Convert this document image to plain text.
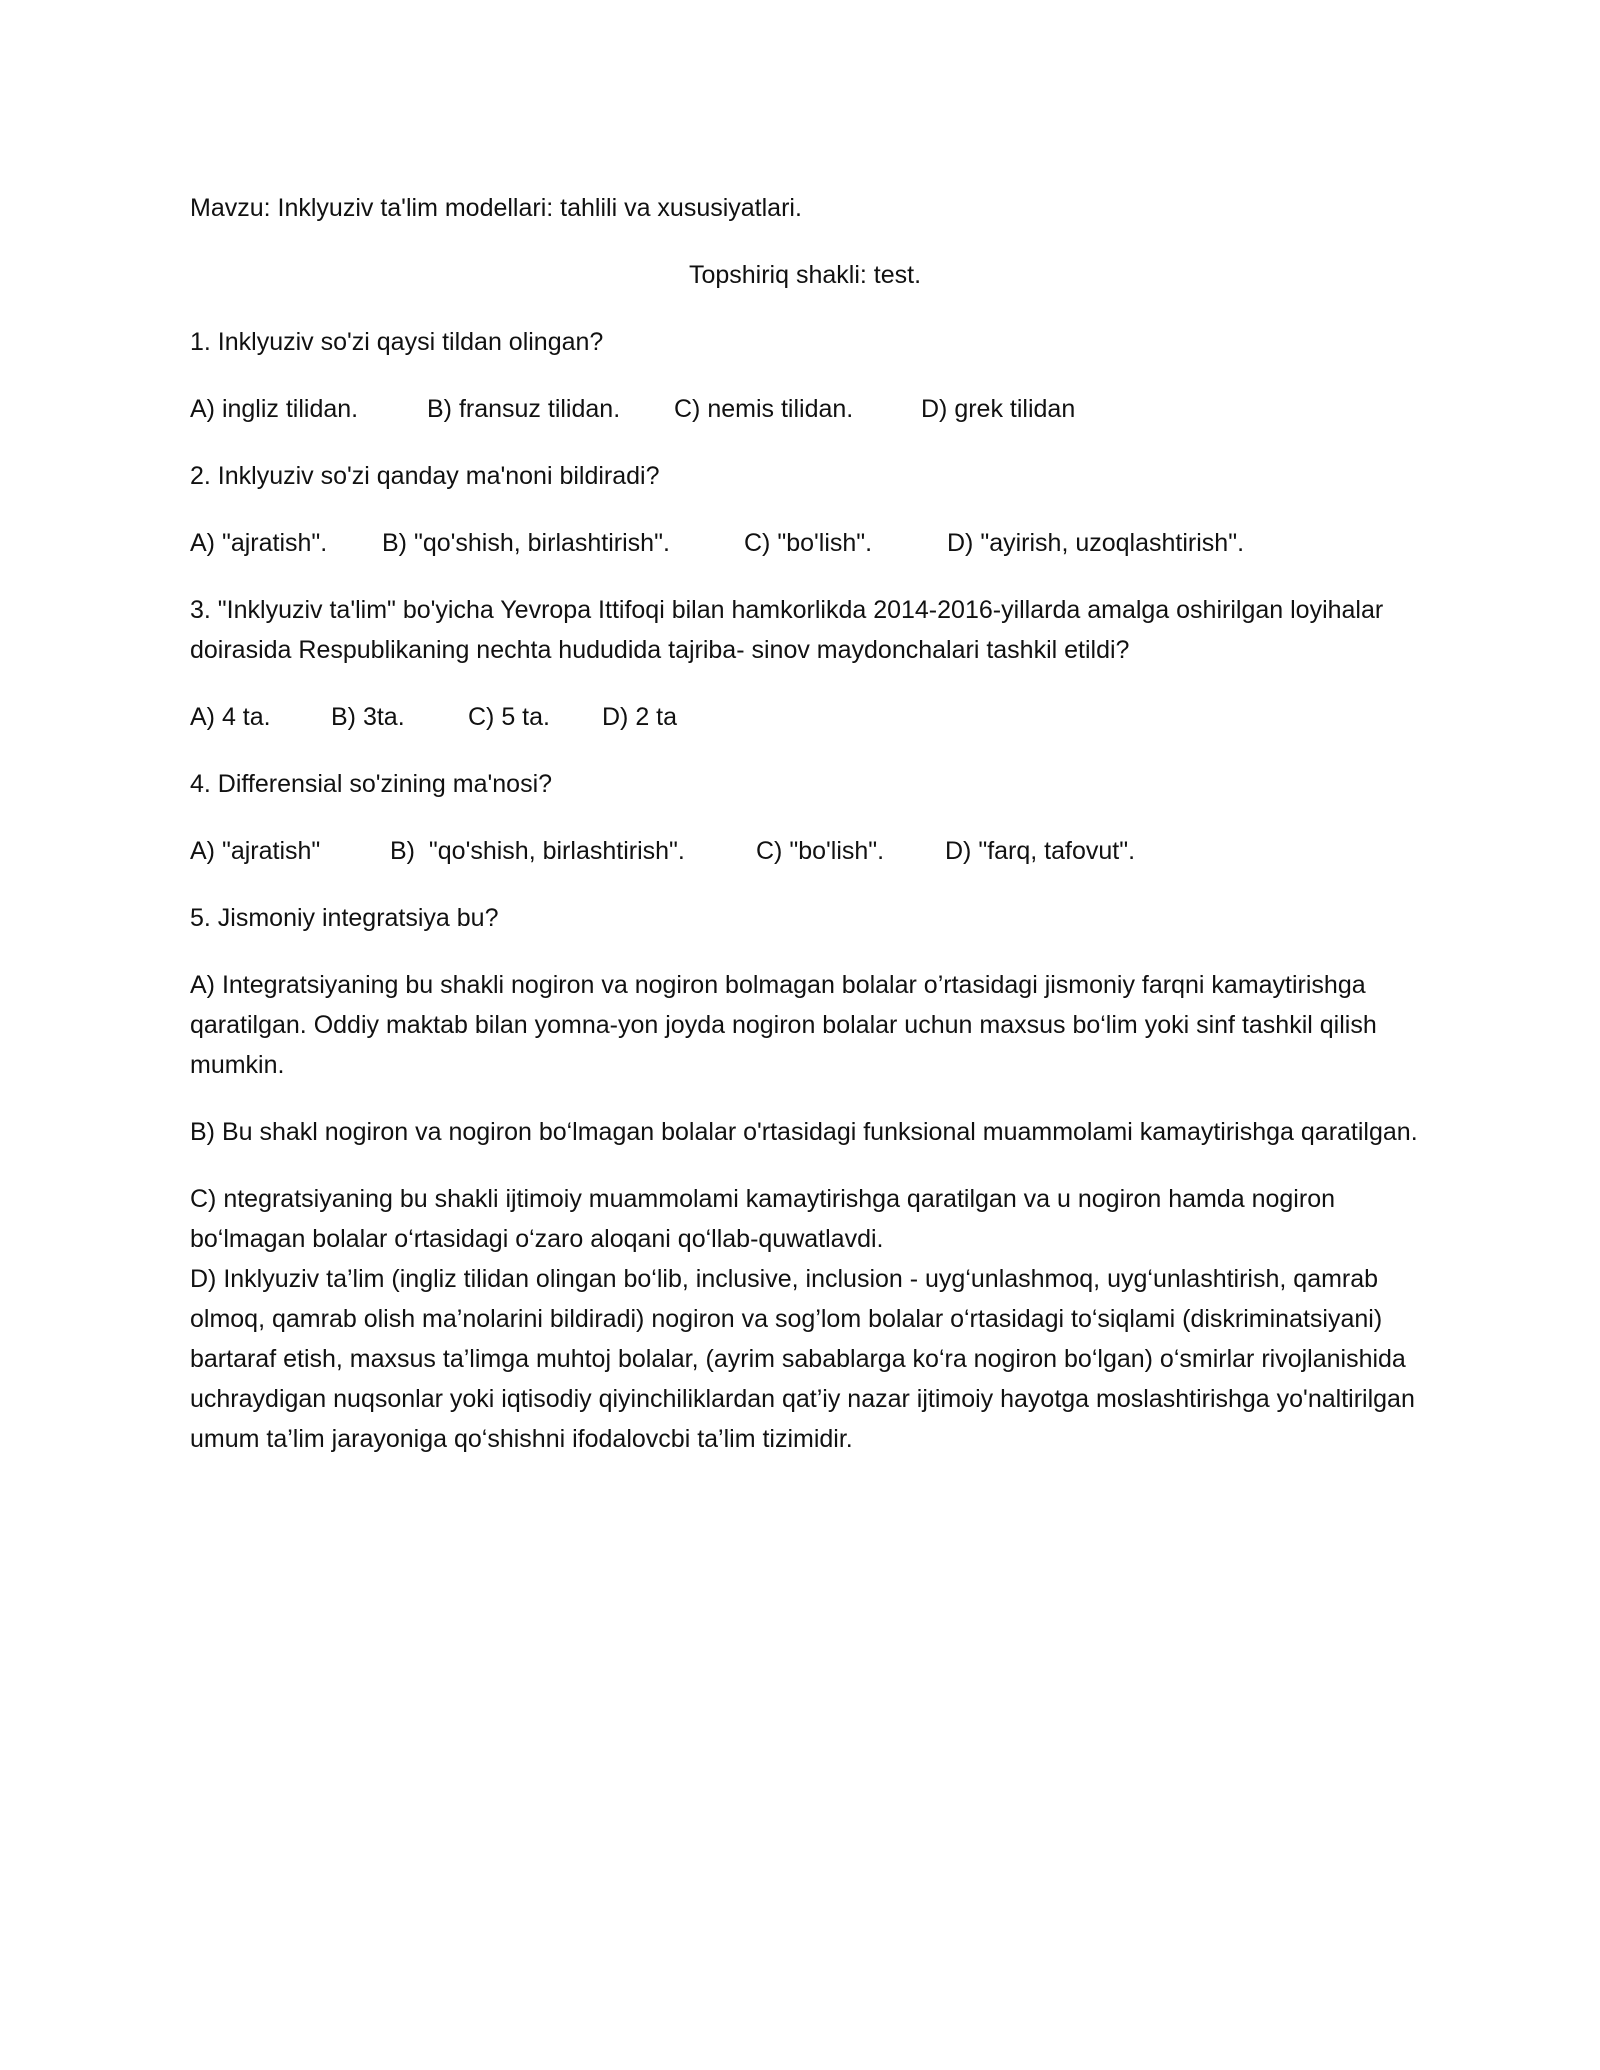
Mavzu: Inklyuziv ta'lim modellari: tahlili va xususiyatlari.

Topshiriq shakli: test.

1. Inklyuziv so'zi qaysi tildan olingan?

A) ingliz tilidan.	B) fransuz tilidan.	C) nemis tilidan.	D) grek tilidan

2. Inklyuziv so'zi qanday ma'noni bildiradi?

A) "ajratish".	B) "qo'shish, birlashtirish".	C) "bo'lish".	D) "ayirish, uzoqlashtirish".

3. "Inklyuziv ta'lim" bo'yicha Yevropa Ittifoqi bilan hamkorlikda 2014-2016-yillarda amalga oshirilgan loyihalar doirasida Respublikaning nechta hududida tajriba- sinov maydonchalari tashkil etildi?

A) 4 ta.	B) 3ta.	C) 5 ta.	D) 2 ta

4. Differensial so'zining ma'nosi?

A) "ajratish"	B)  "qo'shish, birlashtirish".	C) "bo'lish".	D) "farq, tafovut".

5. Jismoniy integratsiya bu?

A) Integratsiyaning bu shakli nogiron va nogiron bolmagan bolalar o’rtasidagi jismoniy farqni kamaytirishga qaratilgan. Oddiy maktab bilan yomna-yon joyda nogiron bolalar uchun maxsus bo‘lim yoki sinf tashkil qilish mumkin.

B) Bu shakl nogiron va nogiron bo‘lmagan bolalar o'rtasidagi funksional muammolami kamaytirishga qaratilgan.

C) ntegratsiyaning bu shakli ijtimoiy muammolami kamaytirishga qaratilgan va u nogiron hamda nogiron bo‘lmagan bolalar o‘rtasidagi o‘zaro aloqani qo‘llab-quwatlavdi.

D) Inklyuziv ta’lim (ingliz tilidan olingan bo‘lib, inclusive, inclusion - uyg‘unlashmoq, uyg‘unlashtirish, qamrab olmoq, qamrab olish ma’nolarini bildiradi) nogiron va sog’lom bolalar o‘rtasidagi to‘siqlami (diskriminatsiyani) bartaraf etish, maxsus ta’limga muhtoj bolalar, (ayrim sabablarga ko‘ra nogiron bo‘lgan) o‘smirlar rivojlanishida uchraydigan nuqsonlar yoki iqtisodiy qiyinchiliklardan qat’iy nazar ijtimoiy hayotga moslashtirishga yo'naltirilgan umum ta’lim jarayoniga qo‘shishni ifodalovcbi ta’lim tizimidir.
